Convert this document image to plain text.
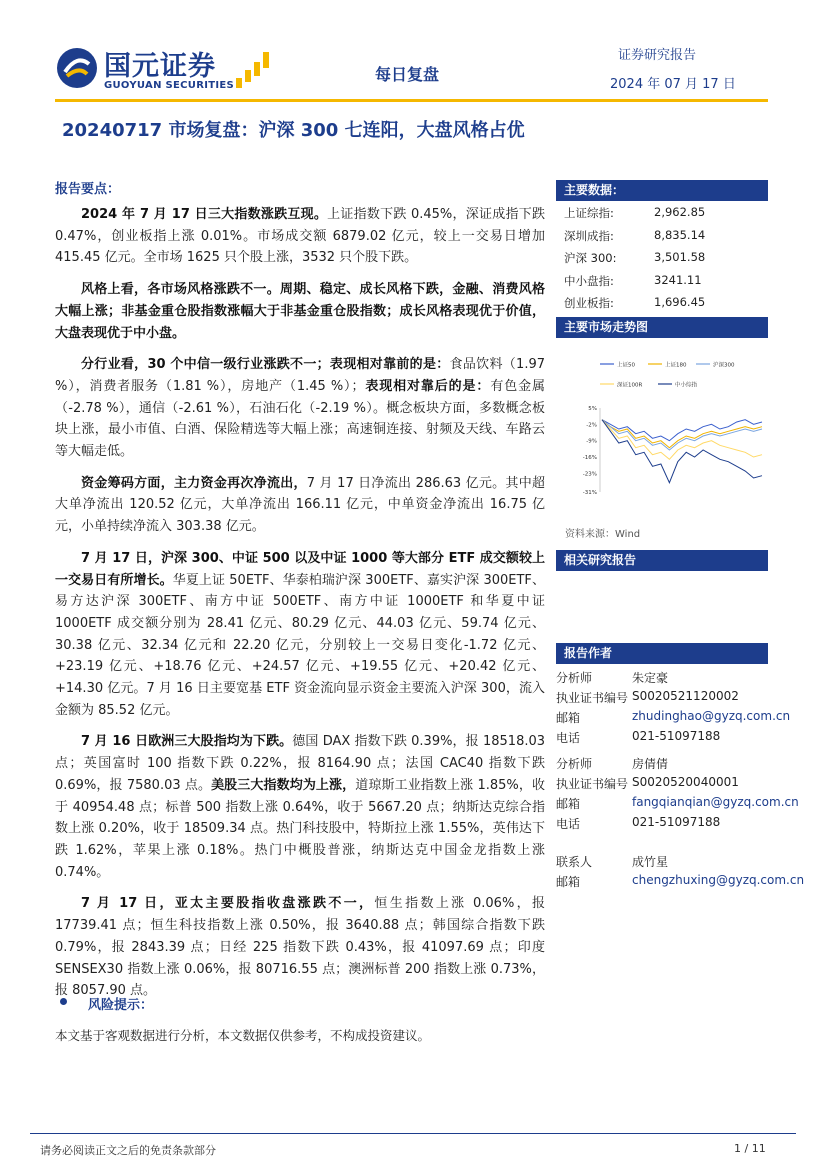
国元证券
GUOYUAN SECURITIES
每日复盘
证券研究报告
2024 年 07 月 17 日
20240717 市场复盘：沪深 300 七连阳，大盘风格占优
报告要点：

2024 年 7 月 17 日三大指数涨跌互现。上证指数下跌 0.45%，深证成指下跌 0.47%，创业板指上涨 0.01%。市场成交额 6879.02 亿元，较上一交易日增加 415.45 亿元。全市场 1625 只个股上涨，3532 只个股下跌。

风格上看，各市场风格涨跌不一。周期、稳定、成长风格下跌，金融、消费风格大幅上涨；非基金重仓股指数涨幅大于非基金重仓股指数；成长风格表现优于价值，大盘表现优于中小盘。

分行业看，30 个中信一级行业涨跌不一；表现相对靠前的是：食品饮料（1.97 %），消费者服务（1.81 %），房地产（1.45 %）；表现相对靠后的是：有色金属（-2.78 %），通信（-2.61 %），石油石化（-2.19 %）。概念板块方面，多数概念板块上涨，最小市值、白酒、保险精选等大幅上涨；高速铜连接、射频及天线、车路云等大幅走低。

资金筹码方面，主力资金再次净流出，7 月 17 日净流出 286.63 亿元。其中超大单净流出 120.52 亿元，大单净流出 166.11 亿元，中单资金净流出 16.75 亿元，小单持续净流入 303.38 亿元。

7 月 17 日，沪深 300、中证 500 以及中证 1000 等大部分 ETF 成交额较上一交易日有所增长。华夏上证 50ETF、华泰柏瑞沪深 300ETF、嘉实沪深 300ETF、易方达沪深 300ETF、南方中证 500ETF、南方中证 1000ETF 和华夏中证 1000ETF 成交额分别为 28.41 亿元、80.29 亿元、44.03 亿元、59.74 亿元、30.38 亿元、32.34 亿元和 22.20 亿元，分别较上一交易日变化-1.72 亿元、+23.19 亿元、+18.76 亿元、+24.57 亿元、+19.55 亿元、+20.42 亿元、+14.30 亿元。7 月 16 日主要宽基 ETF 资金流向显示资金主要流入沪深 300，流入金额为 85.52 亿元。

7 月 16 日欧洲三大股指均为下跌。德国 DAX 指数下跌 0.39%，报 18518.03 点；英国富时 100 指数下跌 0.22%，报 8164.90 点；法国 CAC40 指数下跌 0.69%，报 7580.03 点。美股三大指数均为上涨，道琼斯工业指数上涨 1.85%，收于 40954.48 点；标普 500 指数上涨 0.64%，收于 5667.20 点；纳斯达克综合指数上涨 0.20%，收于 18509.34 点。热门科技股中，特斯拉上涨 1.55%，英伟达下跌 1.62%，苹果上涨 0.18%。热门中概股普涨，纳斯达克中国金龙指数上涨 0.74%。

7 月 17 日，亚太主要股指收盘涨跌不一，恒生指数上涨 0.06%，报 17739.41 点；恒生科技指数上涨 0.50%，报 3640.88 点；韩国综合指数下跌 0.79%，报 2843.39 点；日经 225 指数下跌 0.43%，报 41097.69 点；印度 SENSEX30 指数上涨 0.06%，报 80716.55 点；澳洲标普 200 指数上涨 0.73%，报 8057.90 点。

风险提示：
本文基于客观数据进行分析，本文数据仅供参考，不构成投资建议。
请务必阅读正文之后的免责条款部分	1 / 11
主要数据：
上证综指:	2,962.85
深圳成指:	8,835.14
沪深 300:	3,501.58
中小盘指:	3241.11
创业板指:	1,696.45
主要市场走势图
上证50	上证180	沪深300
深证100R	中小综指
5%
-2%
-9%
-16%
-23%
-31%
资料来源：Wind
相关研究报告
报告作者
分析师	朱定豪
执业证书编号 S0020521120002
邮箱	zhudinghao@gyzq.com.cn
电话	021-51097188
分析师	房倩倩
执业证书编号 S0020520040001
邮箱	fangqianqian@gyzq.com.cn
电话	021-51097188
联系人	成竹星
邮箱	chengzhuxing@gyzq.com.cn
